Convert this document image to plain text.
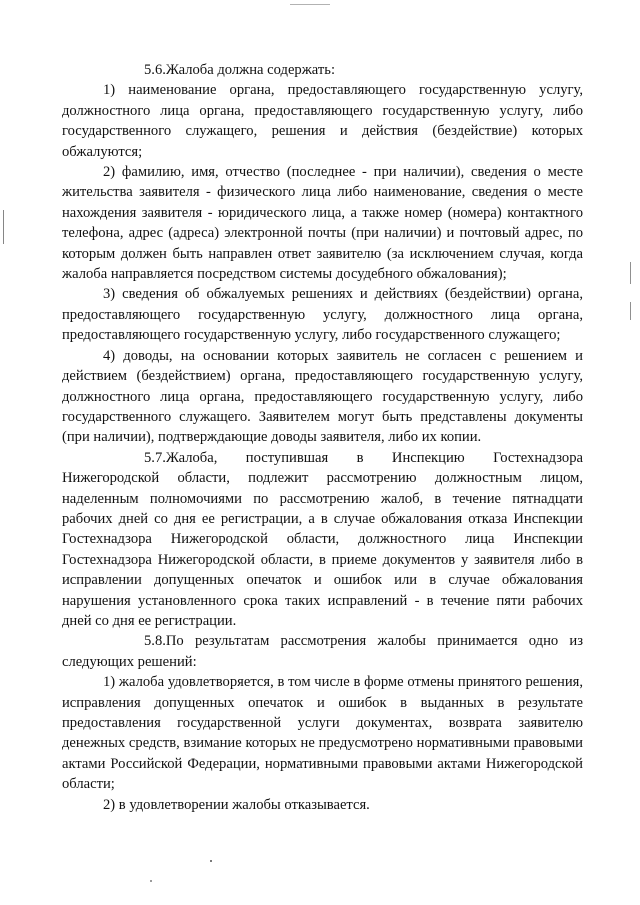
5.6.Жалоба должна содержать:

1) наименование органа, предоставляющего государственную услугу, должностного лица органа, предоставляющего государственную услугу, либо государственного служащего, решения и действия (бездействие) которых обжалуются;

2) фамилию, имя, отчество (последнее - при наличии), сведения о месте жительства заявителя - физического лица либо наименование, сведения о месте нахождения заявителя - юридического лица, а также номер (номера) контактного телефона, адрес (адреса) электронной почты (при наличии) и почтовый адрес, по которым должен быть направлен ответ заявителю (за исключением случая, когда жалоба направляется посредством системы досудебного обжалования);

3) сведения об обжалуемых решениях и действиях (бездействии) органа, предоставляющего государственную услугу, должностного лица органа, предоставляющего государственную услугу, либо государственного служащего;

4) доводы, на основании которых заявитель не согласен с решением и действием (бездействием) органа, предоставляющего государственную услугу, должностного лица органа, предоставляющего государственную услугу, либо государственного служащего. Заявителем могут быть представлены документы (при наличии), подтверждающие доводы заявителя, либо их копии.

5.7.Жалоба, поступившая в Инспекцию Гостехнадзора Нижегородской области, подлежит рассмотрению должностным лицом, наделенным полномочиями по рассмотрению жалоб, в течение пятнадцати рабочих дней со дня ее регистрации, а в случае обжалования отказа Инспекции Гостехнадзора Нижегородской области, должностного лица Инспекции Гостехнадзора Нижегородской области, в приеме документов у заявителя либо в исправлении допущенных опечаток и ошибок или в случае обжалования нарушения установленного срока таких исправлений - в течение пяти рабочих дней со дня ее регистрации.

5.8.По результатам рассмотрения жалобы принимается одно из следующих решений:

1) жалоба удовлетворяется, в том числе в форме отмены принятого решения, исправления допущенных опечаток и ошибок в выданных в результате предоставления государственной услуги документах, возврата заявителю денежных средств, взимание которых не предусмотрено нормативными правовыми актами Российской Федерации, нормативными правовыми актами Нижегородской области;

2) в удовлетворении жалобы отказывается.
